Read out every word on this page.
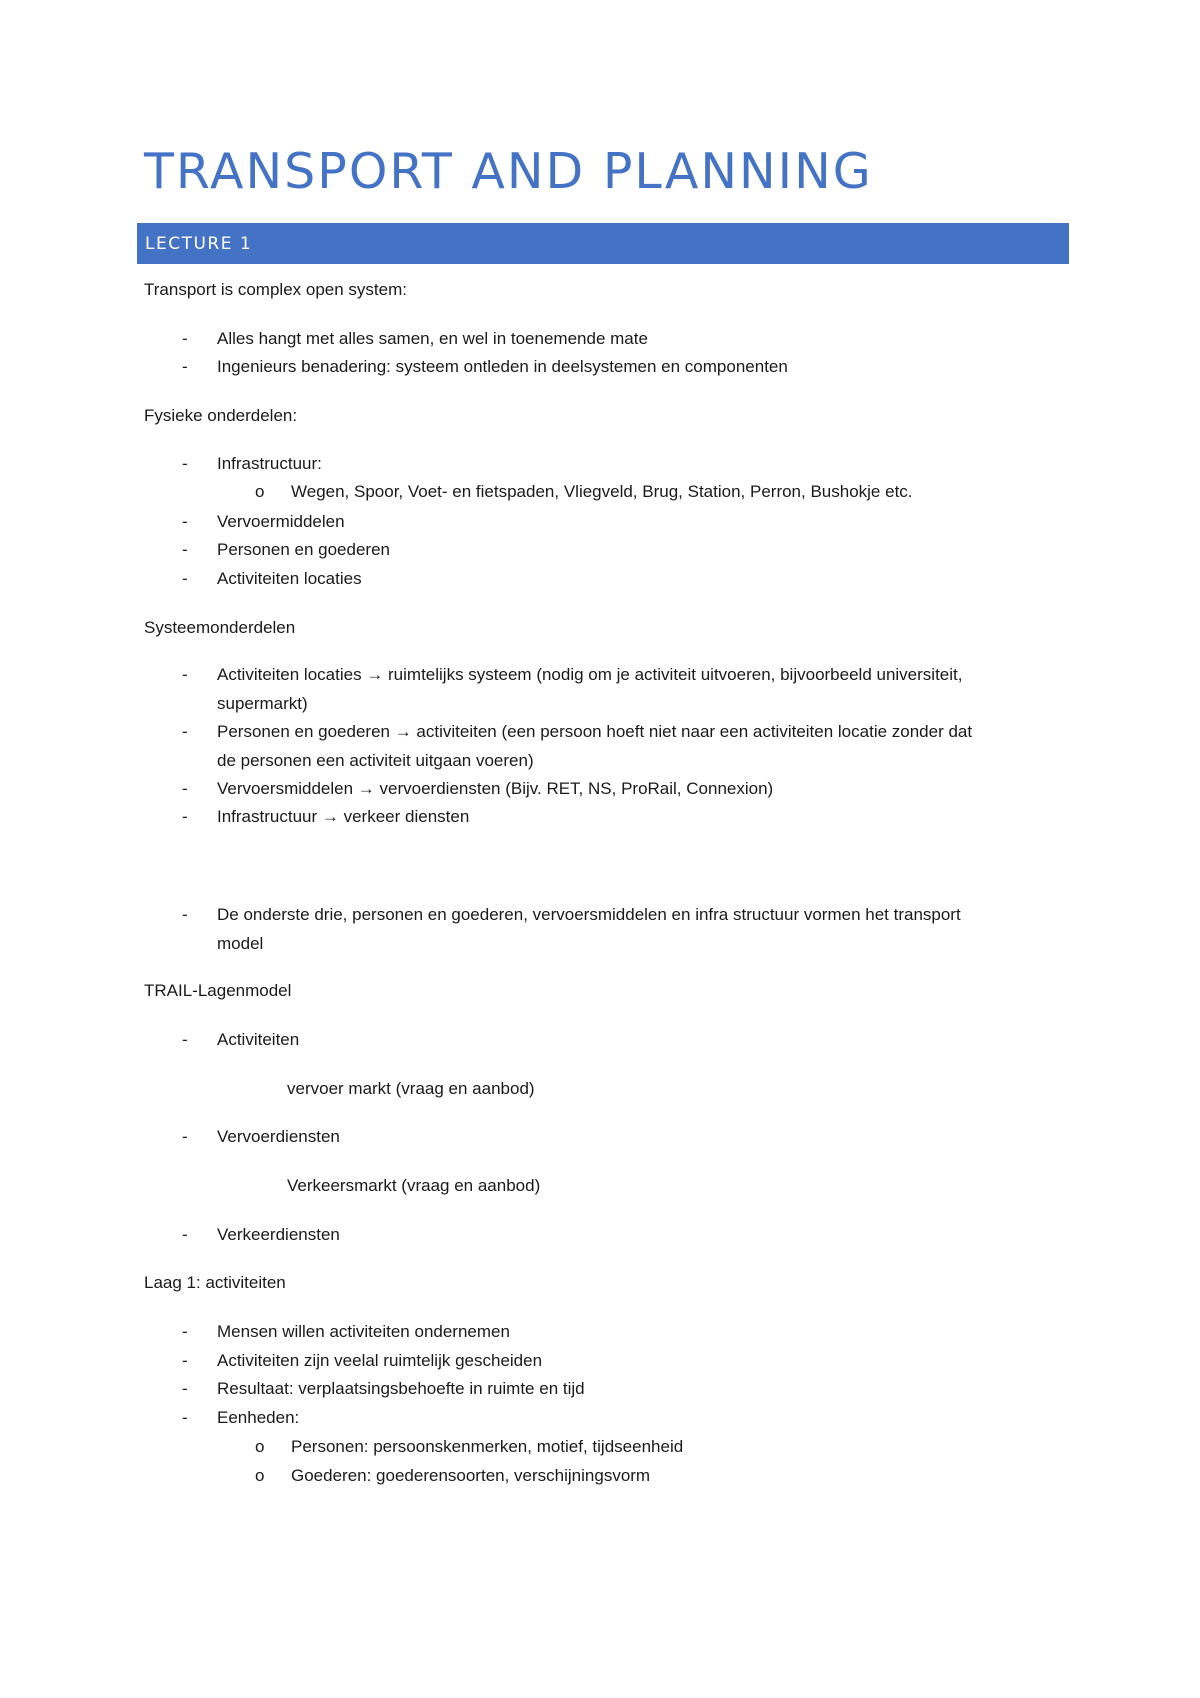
TRANSPORT AND PLANNING
LECTURE 1
Transport is complex open system:
- Alles hangt met alles samen, en wel in toenemende mate
- Ingenieurs benadering: systeem ontleden in deelsystemen en componenten
Fysieke onderdelen:
- Infrastructuur:
o Wegen, Spoor, Voet- en fietspaden, Vliegveld, Brug, Station, Perron, Bushokje etc.
- Vervoermiddelen
- Personen en goederen
- Activiteiten locaties
Systeemonderdelen
- Activiteiten locaties → ruimtelijks systeem (nodig om je activiteit uitvoeren, bijvoorbeeld universiteit,
supermarkt)
- Personen en goederen → activiteiten (een persoon hoeft niet naar een activiteiten locatie zonder dat
de personen een activiteit uitgaan voeren)
- Vervoersmiddelen → vervoerdiensten (Bijv. RET, NS, ProRail, Connexion)
- Infrastructuur → verkeer diensten
- De onderste drie, personen en goederen, vervoersmiddelen en infra structuur vormen het transport
model
TRAIL-Lagenmodel
- Activiteiten
vervoer markt (vraag en aanbod)
- Vervoerdiensten
Verkeersmarkt (vraag en aanbod)
- Verkeerdiensten
Laag 1: activiteiten
- Mensen willen activiteiten ondernemen
- Activiteiten zijn veelal ruimtelijk gescheiden
- Resultaat: verplaatsingsbehoefte in ruimte en tijd
- Eenheden:
o Personen: persoonskenmerken, motief, tijdseenheid
o Goederen: goederensoorten, verschijningsvorm
